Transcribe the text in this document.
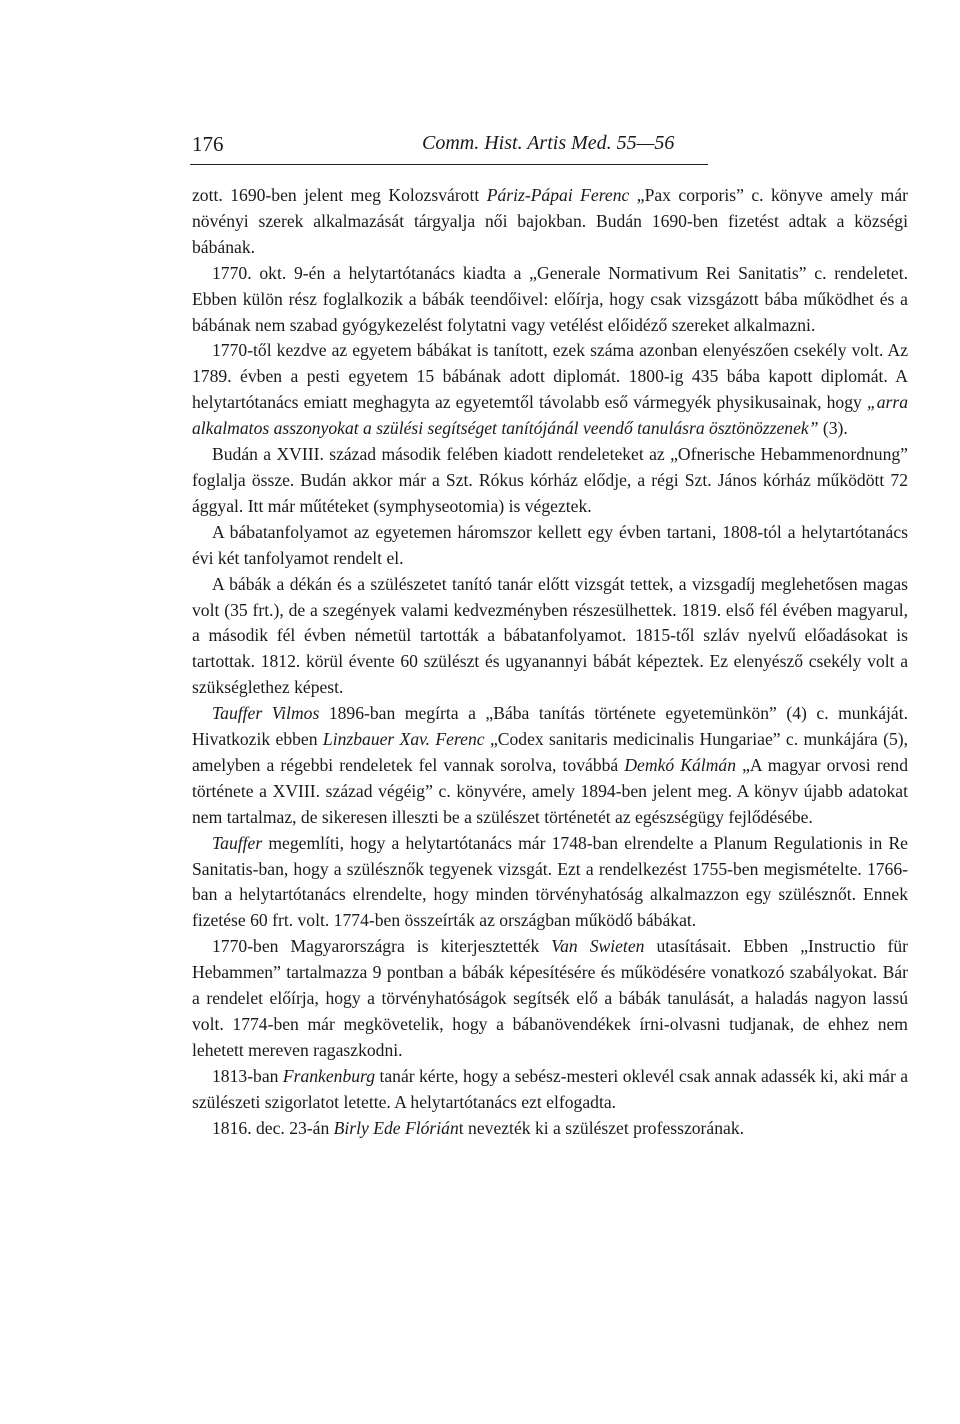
176	Comm. Hist. Artis Med. 55—56

zott. 1690-ben jelent meg Kolozsvárott Páriz-Pápai Ferenc „Pax corporis” c. könyve amely már növényi szerek alkalmazását tárgyalja női bajokban. Budán 1690-ben fizetést adtak a községi bábának.

1770. okt. 9-én a helytartótanács kiadta a „Generale Normativum Rei Sanitatis” c. rendeletet. Ebben külön rész foglalkozik a bábák teendőivel: előírja, hogy csak vizsgázott bába működhet és a bábának nem szabad gyógykezelést folytatni vagy vetélést előidéző szereket alkalmazni.

1770-től kezdve az egyetem bábákat is tanított, ezek száma azonban elenyészően csekély volt. Az 1789. évben a pesti egyetem 15 bábának adott diplomát. 1800-ig 435 bába kapott diplomát. A helytartótanács emiatt meghagyta az egyetemtől távolabb eső vármegyék physikusainak, hogy „arra alkalmatos asszonyokat a szülési segítséget tanítójánál veendő tanulásra ösztönözzenek” (3).

Budán a XVIII. század második felében kiadott rendeleteket az „Ofnerische Hebammenordnung” foglalja össze. Budán akkor már a Szt. Rókus kórház elődje, a régi Szt. János kórház működött 72 ággyal. Itt már műtéteket (symphyseotomia) is végeztek.

A bábatanfolyamot az egyetemen háromszor kellett egy évben tartani, 1808-tól a helytartótanács évi két tanfolyamot rendelt el.

A bábák a dékán és a szülészetet tanító tanár előtt vizsgát tettek, a vizsgadíj meglehetősen magas volt (35 frt.), de a szegények valami kedvezményben részesülhettek. 1819. első fél évében magyarul, a második fél évben németül tartották a bábatanfolyamot. 1815-től szláv nyelvű előadásokat is tartottak. 1812. körül évente 60 szülészt és ugyanannyi bábát képeztek. Ez elenyésző csekély volt a szükséglethez képest.

Tauffer Vilmos 1896-ban megírta a „Bába tanítás története egyetemünkön” (4) c. munkáját. Hivatkozik ebben Linzbauer Xav. Ferenc „Codex sanitaris medicinalis Hungariae” c. munkájára (5), amelyben a régebbi rendeletek fel vannak sorolva, továbbá Demkó Kálmán „A magyar orvosi rend története a XVIII. század végéig” c. könyvére, amely 1894-ben jelent meg. A könyv újabb adatokat nem tartalmaz, de sikeresen illeszti be a szülészet történetét az egészségügy fejlődésébe.

Tauffer megemlíti, hogy a helytartótanács már 1748-ban elrendelte a Planum Regulationis in Re Sanitatis-ban, hogy a szülésznők tegyenek vizsgát. Ezt a rendelkezést 1755-ben megismételte. 1766-ban a helytartótanács elrendelte, hogy minden törvényhatóság alkalmazzon egy szülésznőt. Ennek fizetése 60 frt. volt. 1774-ben összeírták az országban működő bábákat.

1770-ben Magyarországra is kiterjesztették Van Swieten utasításait. Ebben „Instructio für Hebammen” tartalmazza 9 pontban a bábák képesítésére és működésére vonatkozó szabályokat. Bár a rendelet előírja, hogy a törvényhatóságok segítsék elő a bábák tanulását, a haladás nagyon lassú volt. 1774-ben már megkövetelik, hogy a bábanövendékek írni-olvasni tudjanak, de ehhez nem lehetett mereven ragaszkodni.

1813-ban Frankenburg tanár kérte, hogy a sebész-mesteri oklevél csak annak adassék ki, aki már a szülészeti szigorlatot letette. A helytartótanács ezt elfogadta.

1816. dec. 23-án Birly Ede Flóriánt nevezték ki a szülészet professzorának.
